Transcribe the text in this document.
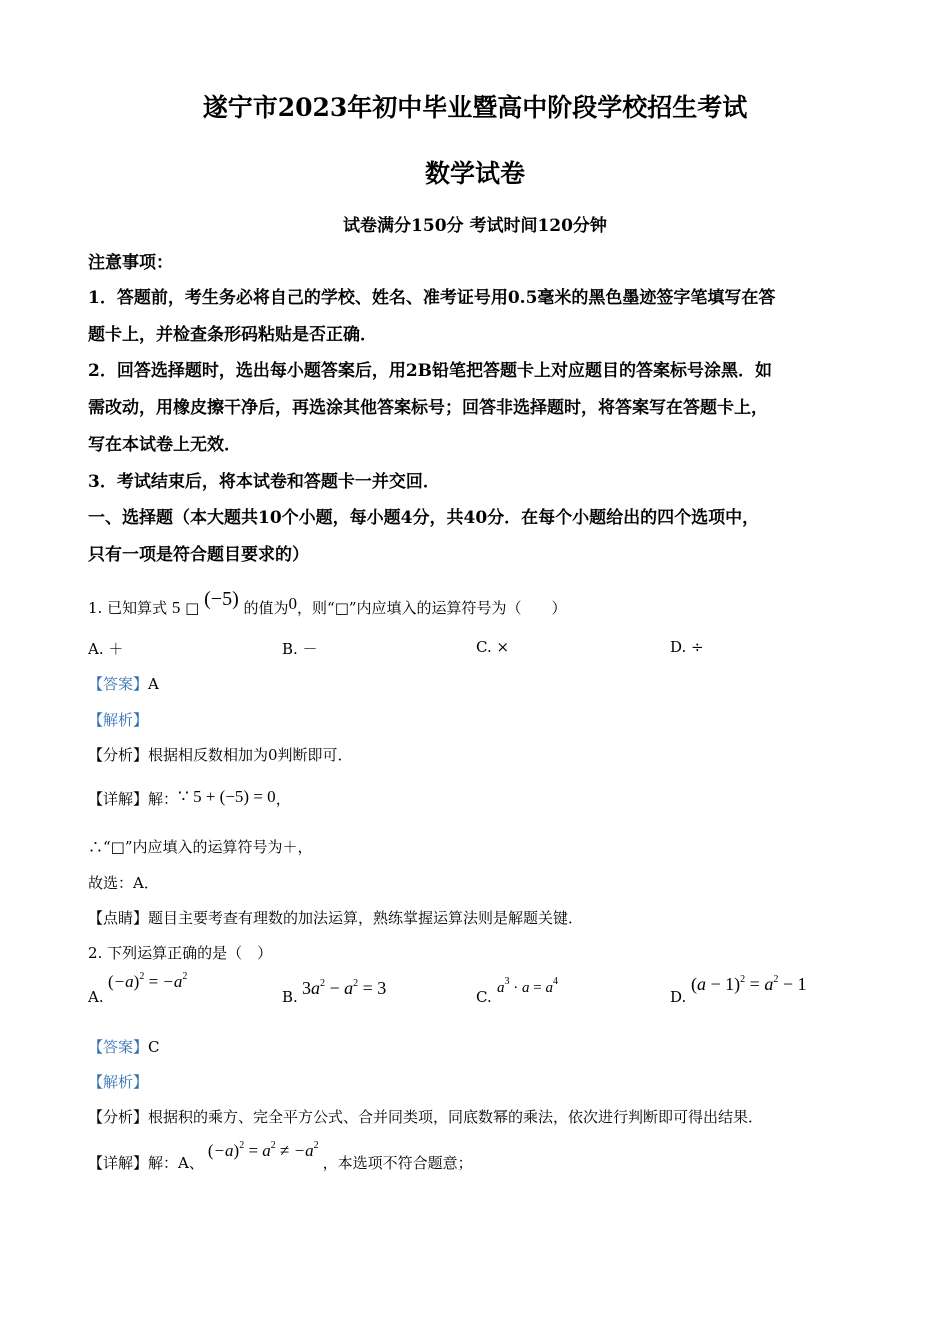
遂宁市2023年初中毕业暨高中阶段学校招生考试
数学试卷
试卷满分150分 考试时间120分钟
注意事项：
1．答题前，考生务必将自己的学校、姓名、准考证号用0.5毫米的黑色墨迹签字笔填写在答
题卡上，并检查条形码粘贴是否正确．
2．回答选择题时，选出每小题答案后，用2B铅笔把答题卡上对应题目的答案标号涂黑．如
需改动，用橡皮擦干净后，再选涂其他答案标号；回答非选择题时，将答案写在答题卡上，
写在本试卷上无效．
3．考试结束后，将本试卷和答题卡一并交回．
一、选择题（本大题共10个小题，每小题4分，共40分．在每个小题给出的四个选项中，
只有一项是符合题目要求的）
1. 已知算式 5 □ (−5) 的值为0，则“□”内应填入的运算符号为（　　）
A. ＋	B. －	C. ×	D. ÷
【答案】A
【解析】
【分析】根据相反数相加为0判断即可．
【详解】解：∵ 5 + (−5) = 0，
∴“□”内应填入的运算符号为＋，
故选：A．
【点睛】题目主要考查有理数的加法运算，熟练掌握运算法则是解题关键．
2. 下列运算正确的是（　）
A.
$(-a)^2 = -a^2$
B. $3a^2 - a^2 = 3$	C. $a^3 \cdot a = a^4$
D.
$(a - 1)^2 = a^2 - 1$
【答案】C
【解析】
【分析】根据积的乘方、完全平方公式、合并同类项，同底数幂的乘法，依次进行判断即可得出结果．
【详解】解：A、$(-a)^2 = a^2 \ne -a^2$，本选项不符合题意；
